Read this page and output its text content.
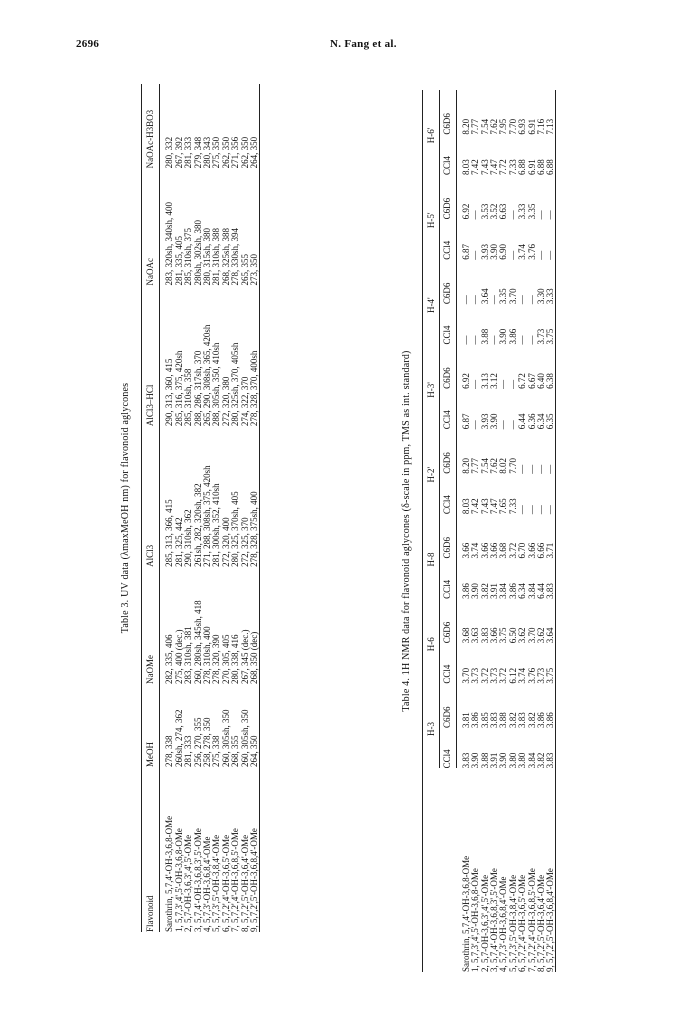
2696	N. Fang et al.
Table 3. UV data (λmaxMeOH nm) for flavonoid aglycones
Flavonoid	MeOH	NaOMe	AlCl3	AlCl3–HCl	NaOAc	NaOAc-H3BO3

Sarothrin, 5,7,4'-OH-3,6,8-OMe	278, 338	282, 335, 406	285, 313, 366, 415	290, 313, 360, 415	283, 320sh, 340sh, 400	280, 332
1, 5,7,3',4',5'-OH-3,6,8-OMe	260sh, 274, 362	275, 400 (dec.)	281, 325, 442	285, 316, 375, 420sh	281, 335, 405	267, 392
2, 5,7-OH-3,6,3',4',5'-OMe	281, 333	283, 310sh, 381	290, 310sh, 362	285, 310sh, 358	285, 310sh, 375	281, 333
3, 5,7,4'-OH-3,6,8,3',5'-OMe	256, 270, 355	260, 280sh, 345sh, 418	261sh, 282, 320sh, 382	288, 286, 317sh, 370	280sh, 302sh, 380	279, 348
4, 5,7,3'-OH-3,6,8,4'-OMe	258, 278, 350	278, 310sh, 400	271, 288, 308sh, 375, 420sh	265, 290, 308sh, 365, 420sh	280, 315sh, 380	280, 343
5, 5,7,3',5'-OH-3,8,4'-OMe	275, 338	278, 320, 390	281, 300sh, 352, 410sh	288, 305sh, 350, 410sh	281, 310sh, 388	275, 350
6, 5,7,2',4'-OH-3,6,5'-OMe	260, 305sh, 350	270, 305, 405	272, 320, 400	272, 320, 380	268, 325sh, 388	262, 350
7, 5,7,2',4'-OH-3,6,8,5'-OMe	268, 355	280, 338, 416	280, 325, 370sh, 405	280, 325sh, 370, 405sh	278, 330sh, 394	271, 356
8, 5,7,2',5'-OH-3,6,4'-OMe	260, 305sh, 350	267, 345 (dec.)	272, 325, 370	274, 322, 370	265, 355	262, 350
9, 5,7,2',5'-OH-3,6,8,4'-OMe	264, 350	268, 350 (dec)	278, 328, 375sh, 400	278, 328, 370, 400sh	273, 350	264, 350
Table 4. 1H NMR data for flavonoid aglycones (δ-scale in ppm, TMS as int. standard)
	H-3		H-6		H-8		H-2'		H-3'		H-4'		H-5'		H-6'	
	CCl4	C6D6	CCl4	C6D6	CCl4	C6D6	CCl4	C6D6	CCl4	C6D6	CCl4	C6D6	CCl4	C6D6	CCl4	C6D6

Sarothrin, 5,7,4'-OH-3,6,8-OMe	3.83	3.81	3.70	3.68	3.86	3.66	8.03	8.20	6.87	6.92	—	—	6.87	6.92	8.03	8.20
1, 5,7,3',4',5'-OH-3,6,8-OMe	3.90	3.86	3.73	3.63	3.90	3.74	7.42	7.77	—	—	—	—	—	—	7.42	7.77
2, 5,7-OH-3,6,3',4',5'-OMe	3.88	3.85	3.72	3.83	3.82	3.66	7.43	7.54	3.93	3.13	3.88	3.64	3.93	3.53	7.43	7.54
3, 5,7,4'-OH-3,6,8,3',5'-OMe	3.91	3.83	3.73	3.66	3.91	3.66	7.47	7.62	3.90	3.12	—	—	3.90	3.52	7.47	7.62
4, 5,7,3'-OH-3,6,8,4'-OMe	3.90	3.88	3.72	3.75	3.84	3.68	7.65	8.02	—	—	3.90	3.35	6.90	6.63	7.72	7.95
5, 5,7,3',5'-OH-3,8,4'-OMe	3.80	3.82	6.12	6.50	3.86	3.72	7.33	7.70	—	—	3.86	3.70	—	—	7.33	7.70
6, 5,7,2',4'-OH-3,6,5'-OMe	3.80	3.83	3.74	3.62	6.34	6.70	—	—	6.44	6.72	—	—	3.74	3.33	6.88	6.93
7, 5,7,2',4'-OH-3,6,8,5'-OMe	3.84	3.82	3.76	3.70	3.84	3.66	—	—	6.36	6.67	—	—	3.76	3.35	6.91	6.91
8, 5,7,2',5'-OH-3,6,4'-OMe	3.82	3.86	3.73	3.62	6.44	6.66	—	—	6.34	6.40	3.73	3.30	—	—	6.88	7.16
9, 5,7,2',5'-OH-3,6,8,4'-OMe	3.83	3.86	3.75	3.64	3.83	3.71	—	—	6.35	6.38	3.75	3.33	—	—	6.88	7.13
